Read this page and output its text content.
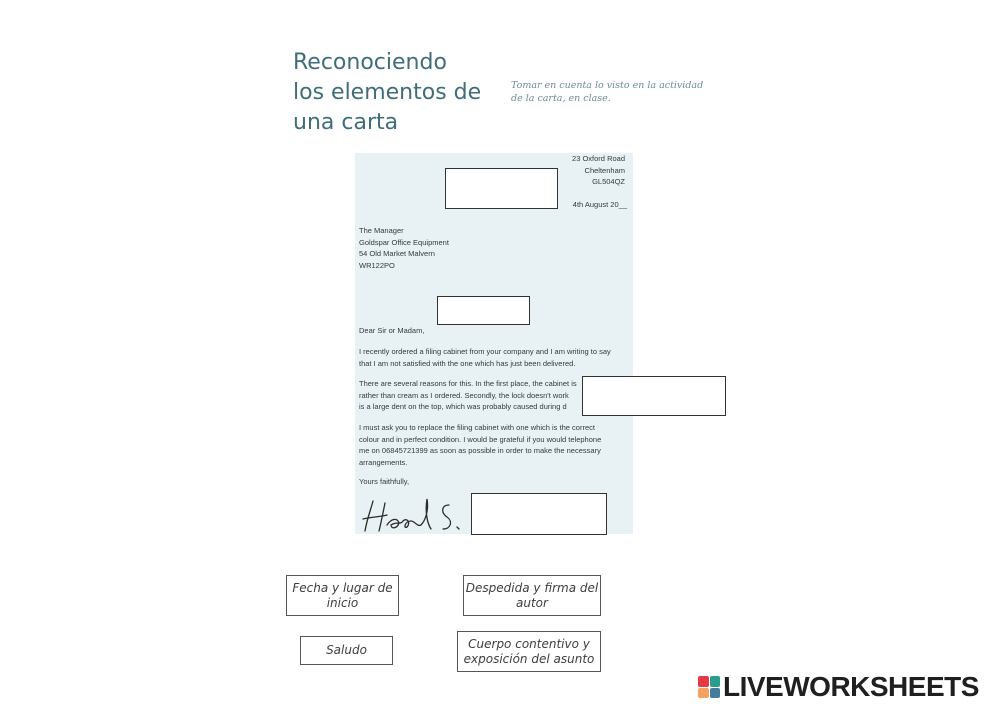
Reconociendo
los elementos de
una carta
Tomar en cuenta lo visto en la actividad de la carta, en clase.
23 Oxford Road
Cheltenham
GL504QZ
4th August 20__
The Manager
Goldspar Office Equipment
54 Old Market Malvern
WR122PO
Dear Sir or Madam,
I recently ordered a filing cabinet from your company and I am writing to say
that I am not satisfied with the one which has just been delivered.
There are several reasons for this. In the first place, the cabinet is
rather than cream as I ordered. Secondly, the lock doesn't work
is a large dent on the top, which was probably caused during d
I must ask you to replace the filing cabinet with one which is the correct
colour and in perfect condition. I would be grateful if you would telephone
me on 06845721399 as soon as possible in order to make the necessary
arrangements.
Yours faithfully,
Fecha y lugar de inicio
Despedida y firma del autor
Saludo	Cuerpo contentivo y exposición del asunto
LIVEWORKSHEETS
